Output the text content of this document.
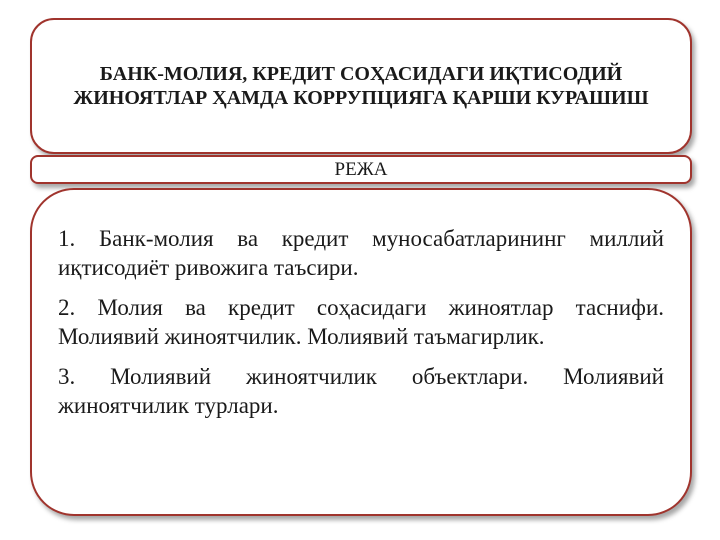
БАНК-МОЛИЯ, КРЕДИТ СОҲАСИДАГИ ИҚТИСОДИЙ ЖИНОЯТЛАР ҲАМДА КОРРУПЦИЯГА ҚАРШИ КУРАШИШ
РЕЖА
1. Банк-молия ва кредит муносабатларининг миллий иқтисодиёт ривожига таъсири.
2. Молия ва кредит соҳасидаги жиноятлар таснифи. Молиявий жиноятчилик. Молиявий таъмагирлик.
3. Молиявий жиноятчилик объектлари. Молиявий жиноятчилик турлари.
